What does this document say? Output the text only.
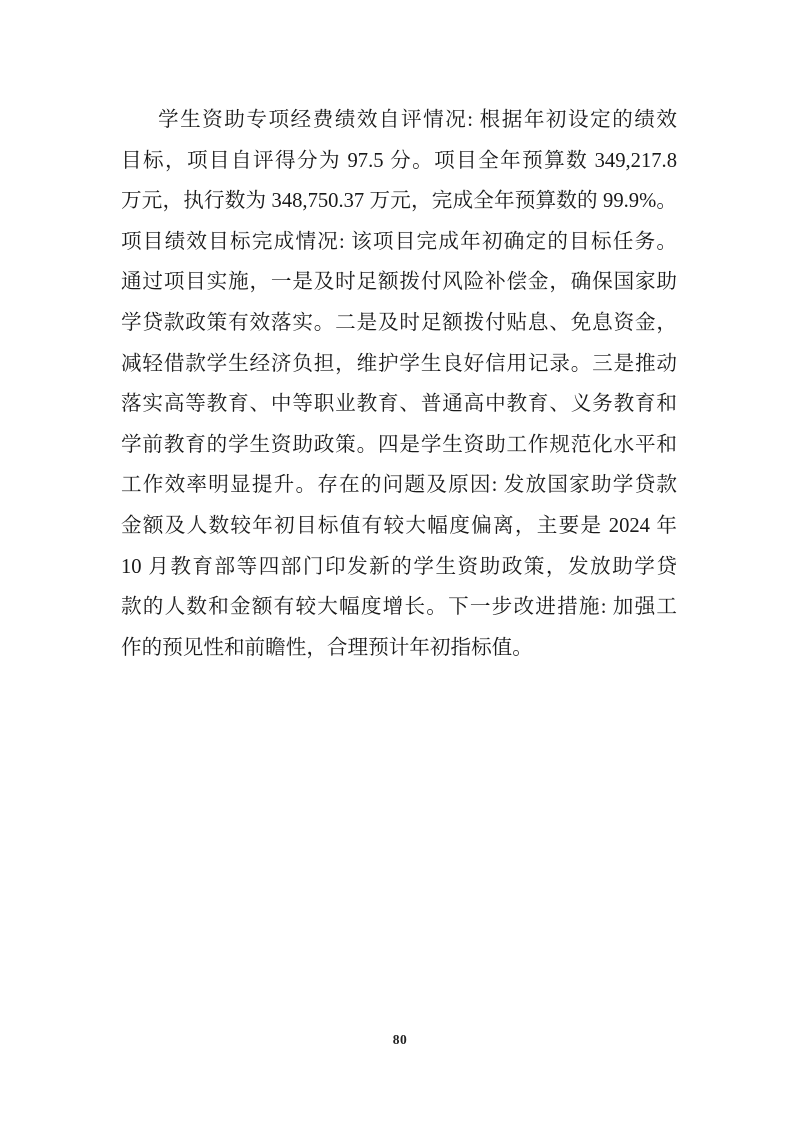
学生资助专项经费绩效自评情况: 根据年初设定的绩效
目标，项目自评得分为 97.5 分。项目全年预算数 349,217.8
万元，执行数为 348,750.37 万元，完成全年预算数的 99.9%。
项目绩效目标完成情况: 该项目完成年初确定的目标任务。
通过项目实施，一是及时足额拨付风险补偿金，确保国家助
学贷款政策有效落实。二是及时足额拨付贴息、免息资金，
减轻借款学生经济负担，维护学生良好信用记录。三是推动
落实高等教育、中等职业教育、普通高中教育、义务教育和
学前教育的学生资助政策。四是学生资助工作规范化水平和
工作效率明显提升。存在的问题及原因: 发放国家助学贷款
金额及人数较年初目标值有较大幅度偏离，主要是 2024 年
10 月教育部等四部门印发新的学生资助政策，发放助学贷
款的人数和金额有较大幅度增长。下一步改进措施: 加强工
作的预见性和前瞻性，合理预计年初指标值。
80
